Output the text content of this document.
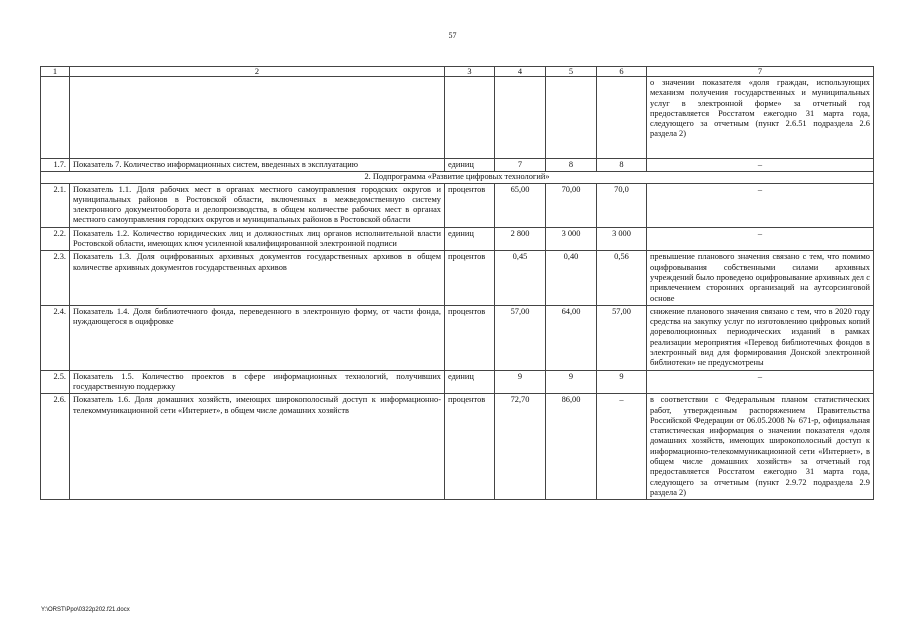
57
1	2	3	4	5	6	7
						о значении показателя «доля граждан, использующих механизм получения государственных и муниципальных услуг в электронной форме» за отчетный год предоставляется Росстатом ежегодно 31 марта года, следующего за отчетным (пункт 2.6.51 подраздела 2.6 раздела 2)
1.7.	Показатель 7. Количество информационных систем, введенных в эксплуатацию	единиц	7	8	8	–
2. Подпрограмма «Развитие цифровых технологий»						
2.1.	Показатель 1.1. Доля рабочих мест в органах местного самоуправления городских округов и муниципальных районов в Ростовской области, включенных в межведомственную систему электронного документооборота и делопроизводства, в общем количестве рабочих мест в органах местного самоуправления городских округов и муниципальных районов в Ростовской области	процентов	65,00	70,00	70,0	–
2.2.	Показатель 1.2. Количество юридических лиц и должностных лиц органов исполнительной власти Ростовской области, имеющих ключ усиленной квалифицированной электронной подписи	единиц	2 800	3 000	3 000	–
2.3.	Показатель 1.3. Доля оцифрованных архивных документов государственных архивов в общем количестве архивных документов государственных архивов	процентов	0,45	0,40	0,56	превышение планового значения связано с тем, что помимо оцифровывания собственными силами архивных учреждений было проведено оцифровывание архивных дел с привлечением сторонних организаций на аутсорсинговой основе
2.4.	Показатель 1.4. Доля библиотечного фонда, переведенного в электронную форму, от части фонда, нуждающегося в оцифровке	процентов	57,00	64,00	57,00	снижение планового значения связано с тем, что в 2020 году средства на закупку услуг по изготовлению цифровых копий дореволюционных периодических изданий в рамках реализации мероприятия «Перевод библиотечных фондов в электронный вид для формирования Донской электронной библиотеки» не предусмотрены
2.5.	Показатель 1.5. Количество проектов в сфере информационных технологий, получивших государственную поддержку	единиц	9	9	9	–
2.6.	Показатель 1.6. Доля домашних хозяйств, имеющих широкополосный доступ к информационно-телекоммуникационной сети «Интернет», в общем числе домашних хозяйств	процентов	72,70	86,00	–	в соответствии с Федеральным планом статистических работ, утвержденным распоряжением Правительства Российской Федерации от 06.05.2008 № 671-р, официальная статистическая информация о значении показателя «доля домашних хозяйств, имеющих широкополосный доступ к информационно-телекоммуникационной сети «Интернет», в общем числе домашних хозяйств» за отчетный год предоставляется Росстатом ежегодно 31 марта года, следующего за отчетным (пункт 2.9.72 подраздела 2.9 раздела 2)
Y:\ORST\Ppo\0322p202.f21.docx
